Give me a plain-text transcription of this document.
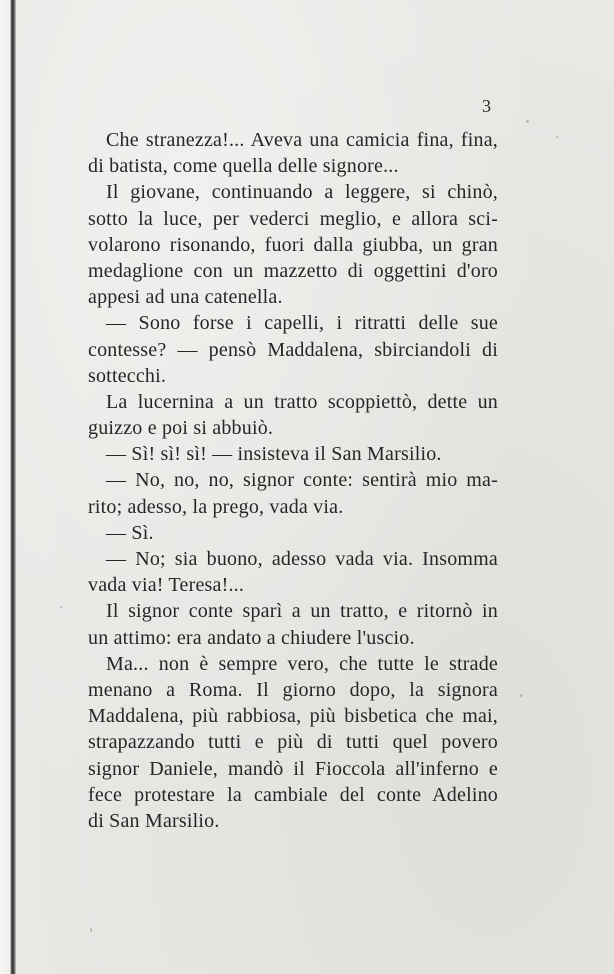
3
Che stranezza!... Aveva una camicia fina, fina,
di batista, come quella delle signore...
Il giovane, continuando a leggere, si chinò,
sotto la luce, per vederci meglio, e allora sci-
volarono risonando, fuori dalla giubba, un gran
medaglione con un mazzetto di oggettini d'oro
appesi ad una catenella.
— Sono forse i capelli, i ritratti delle sue
contesse? — pensò Maddalena, sbirciandoli di
sottecchi.
La lucernina a un tratto scoppiettò, dette un
guizzo e poi si abbuiò.
— Sì! sì! sì! — insisteva il San Marsilio.
— No, no, no, signor conte: sentirà mio ma-
rito; adesso, la prego, vada via.
— Sì.
— No; sia buono, adesso vada via. Insomma
vada via! Teresa!...
Il signor conte sparì a un tratto, e ritornò in
un attimo: era andato a chiudere l'uscio.
Ma... non è sempre vero, che tutte le strade
menano a Roma. Il giorno dopo, la signora
Maddalena, più rabbiosa, più bisbetica che mai,
strapazzando tutti e più di tutti quel povero
signor Daniele, mandò il Fioccola all'inferno e
fece protestare la cambiale del conte Adelino
di San Marsilio.
